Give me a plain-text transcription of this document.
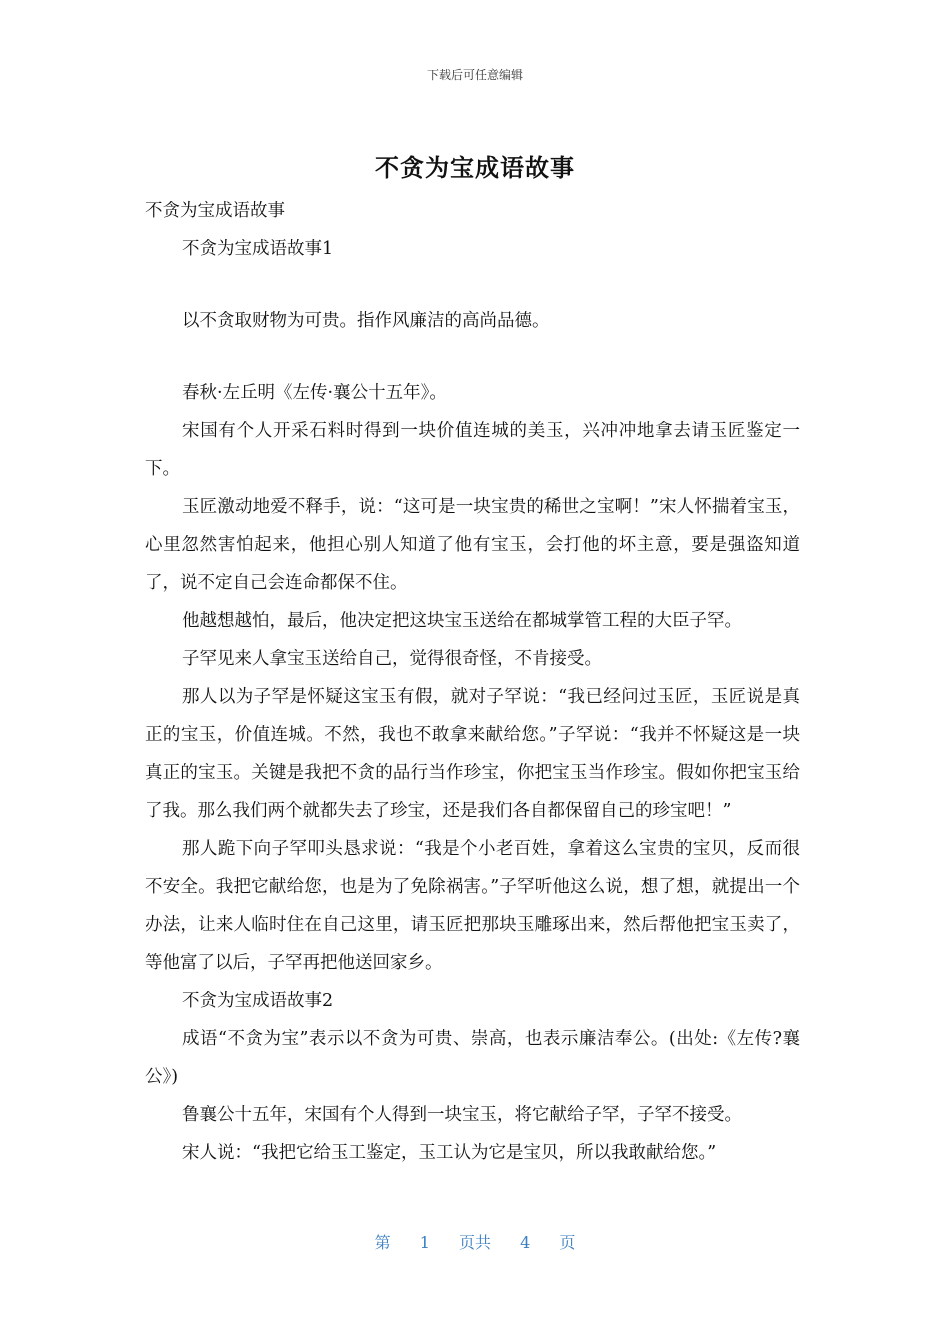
下载后可任意编辑
不贪为宝成语故事

不贪为宝成语故事

不贪为宝成语故事1

以不贪取财物为可贵。指作风廉洁的高尚品德。

春秋·左丘明《左传·襄公十五年》。

宋国有个人开采石料时得到一块价值连城的美玉，兴冲冲地拿去请玉匠鉴定一下。

玉匠激动地爱不释手，说：“这可是一块宝贵的稀世之宝啊！”宋人怀揣着宝玉，心里忽然害怕起来，他担心别人知道了他有宝玉，会打他的坏主意，要是强盗知道了，说不定自己会连命都保不住。

他越想越怕，最后，他决定把这块宝玉送给在都城掌管工程的大臣子罕。

子罕见来人拿宝玉送给自己，觉得很奇怪，不肯接受。

那人以为子罕是怀疑这宝玉有假，就对子罕说：“我已经问过玉匠，玉匠说是真正的宝玉，价值连城。不然，我也不敢拿来献给您。”子罕说：“我并不怀疑这是一块真正的宝玉。关键是我把不贪的品行当作珍宝，你把宝玉当作珍宝。假如你把宝玉给了我。那么我们两个就都失去了珍宝，还是我们各自都保留自己的珍宝吧！”

那人跪下向子罕叩头恳求说：“我是个小老百姓，拿着这么宝贵的宝贝，反而很不安全。我把它献给您，也是为了免除祸害。”子罕听他这么说，想了想，就提出一个办法，让来人临时住在自己这里，请玉匠把那块玉雕琢出来，然后帮他把宝玉卖了，等他富了以后，子罕再把他送回家乡。

不贪为宝成语故事2

成语“不贪为宝”表示以不贪为可贵、崇高，也表示廉洁奉公。(出处:《左传?襄公》)

鲁襄公十五年，宋国有个人得到一块宝玉，将它献给子罕，子罕不接受。

宋人说：“我把它给玉工鉴定，玉工认为它是宝贝，所以我敢献给您。”

第 1 页共 4 页
